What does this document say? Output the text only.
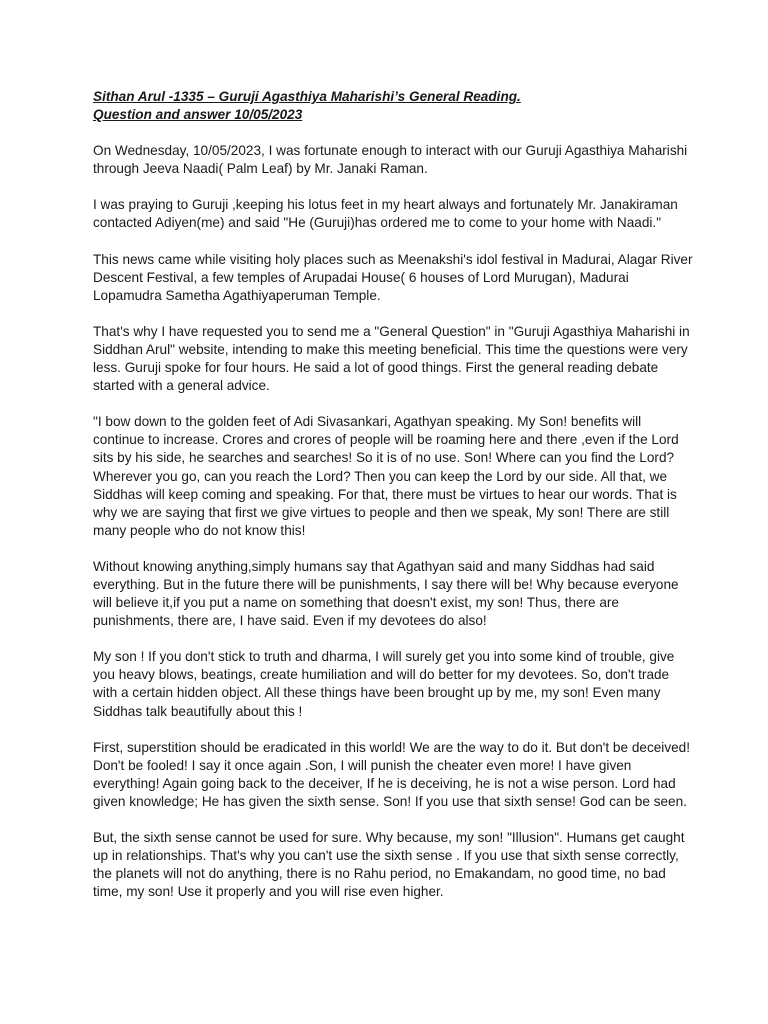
Sithan Arul -1335 – Guruji Agasthiya Maharishi’s General Reading.

Question and answer 10/05/2023

On Wednesday, 10/05/2023, I was fortunate enough to interact with our Guruji Agasthiya Maharishi through Jeeva Naadi( Palm Leaf) by Mr. Janaki Raman.

I was praying to Guruji ,keeping his lotus feet in my heart always and fortunately Mr. Janakiraman contacted Adiyen(me) and said "He (Guruji)has ordered me to come to your home with Naadi."

This news came while visiting holy places such as Meenakshi's idol festival in Madurai, Alagar River Descent Festival, a few temples of Arupadai House( 6 houses of Lord Murugan), Madurai Lopamudra Sametha Agathiyaperuman Temple.

That's why I have requested you to send me a "General Question" in "Guruji Agasthiya Maharishi in Siddhan Arul" website, intending to make this meeting beneficial. This time the questions were very less. Guruji spoke for four hours. He said a lot of good things. First the general reading debate started with a general advice.

"I bow down to the golden feet of Adi Sivasankari, Agathyan speaking. My Son! benefits will continue to increase. Crores and crores of people will be roaming here and there ,even if the Lord sits by his side, he searches and searches! So it is of no use. Son! Where can you find the Lord? Wherever you go, can you reach the Lord? Then you can keep the Lord by our side. All that, we Siddhas will keep coming and speaking. For that, there must be virtues to hear our words. That is why we are saying that first we give virtues to people and then we speak, My son! There are still many people who do not know this!

Without knowing anything,simply humans say that Agathyan said and many Siddhas had said everything. But in the future there will be punishments, I say there will be! Why because everyone will believe it,if you put a name on something that doesn't exist, my son! Thus, there are punishments, there are, I have said. Even if my devotees do also!

My son ! If you don't stick to truth and dharma, I will surely get you into some kind of trouble, give you heavy blows, beatings, create humiliation and will do better for my devotees. So, don't trade with a certain hidden object. All these things have been brought up by me, my son! Even many Siddhas talk beautifully about this !

First, superstition should be eradicated in this world! We are the way to do it. But don't be deceived! Don't be fooled! I say it once again .Son, I will punish the cheater even more! I have given everything! Again going back to the deceiver, If he is deceiving, he is not a wise person. Lord had given knowledge; He has given the sixth sense. Son! If you use that sixth sense! God can be seen.

But, the sixth sense cannot be used for sure. Why because, my son! "Illusion". Humans get caught up in relationships. That's why you can't use the sixth sense . If you use that sixth sense correctly, the planets will not do anything, there is no Rahu period, no Emakandam, no good time, no bad time, my son! Use it properly and you will rise even higher.
